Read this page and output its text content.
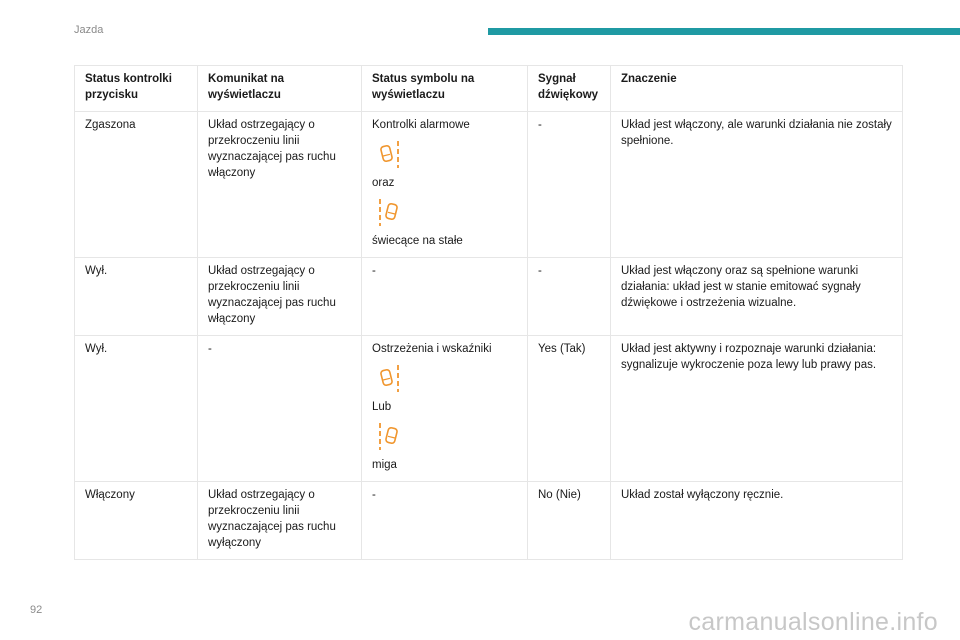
Jazda
Status kontrolki przycisku	Komunikat na wyświetlaczu	Status symbolu na wyświetlaczu	Sygnał dźwiękowy	Znaczenie
Zgaszona	Układ ostrzegający o przekroczeniu linii wyznaczającej pas ruchu włączony	Kontrolki alarmowe
oraz
świecące na stałe	-	Układ jest włączony, ale warunki działania nie zostały spełnione.
Wył.	Układ ostrzegający o przekroczeniu linii wyznaczającej pas ruchu włączony	-	-	Układ jest włączony oraz są spełnione warunki działania: układ jest w stanie emitować sygnały dźwiękowe i ostrzeżenia wizualne.
Wył.	-	Ostrzeżenia i wskaźniki
Lub
miga	Yes (Tak)	Układ jest aktywny i rozpoznaje warunki działania: sygnalizuje wykroczenie poza lewy lub prawy pas.
Włączony	Układ ostrzegający o przekroczeniu linii wyznaczającej pas ruchu wyłączony	-	No (Nie)	Układ został wyłączony ręcznie.
92	carmanualsonline.info
